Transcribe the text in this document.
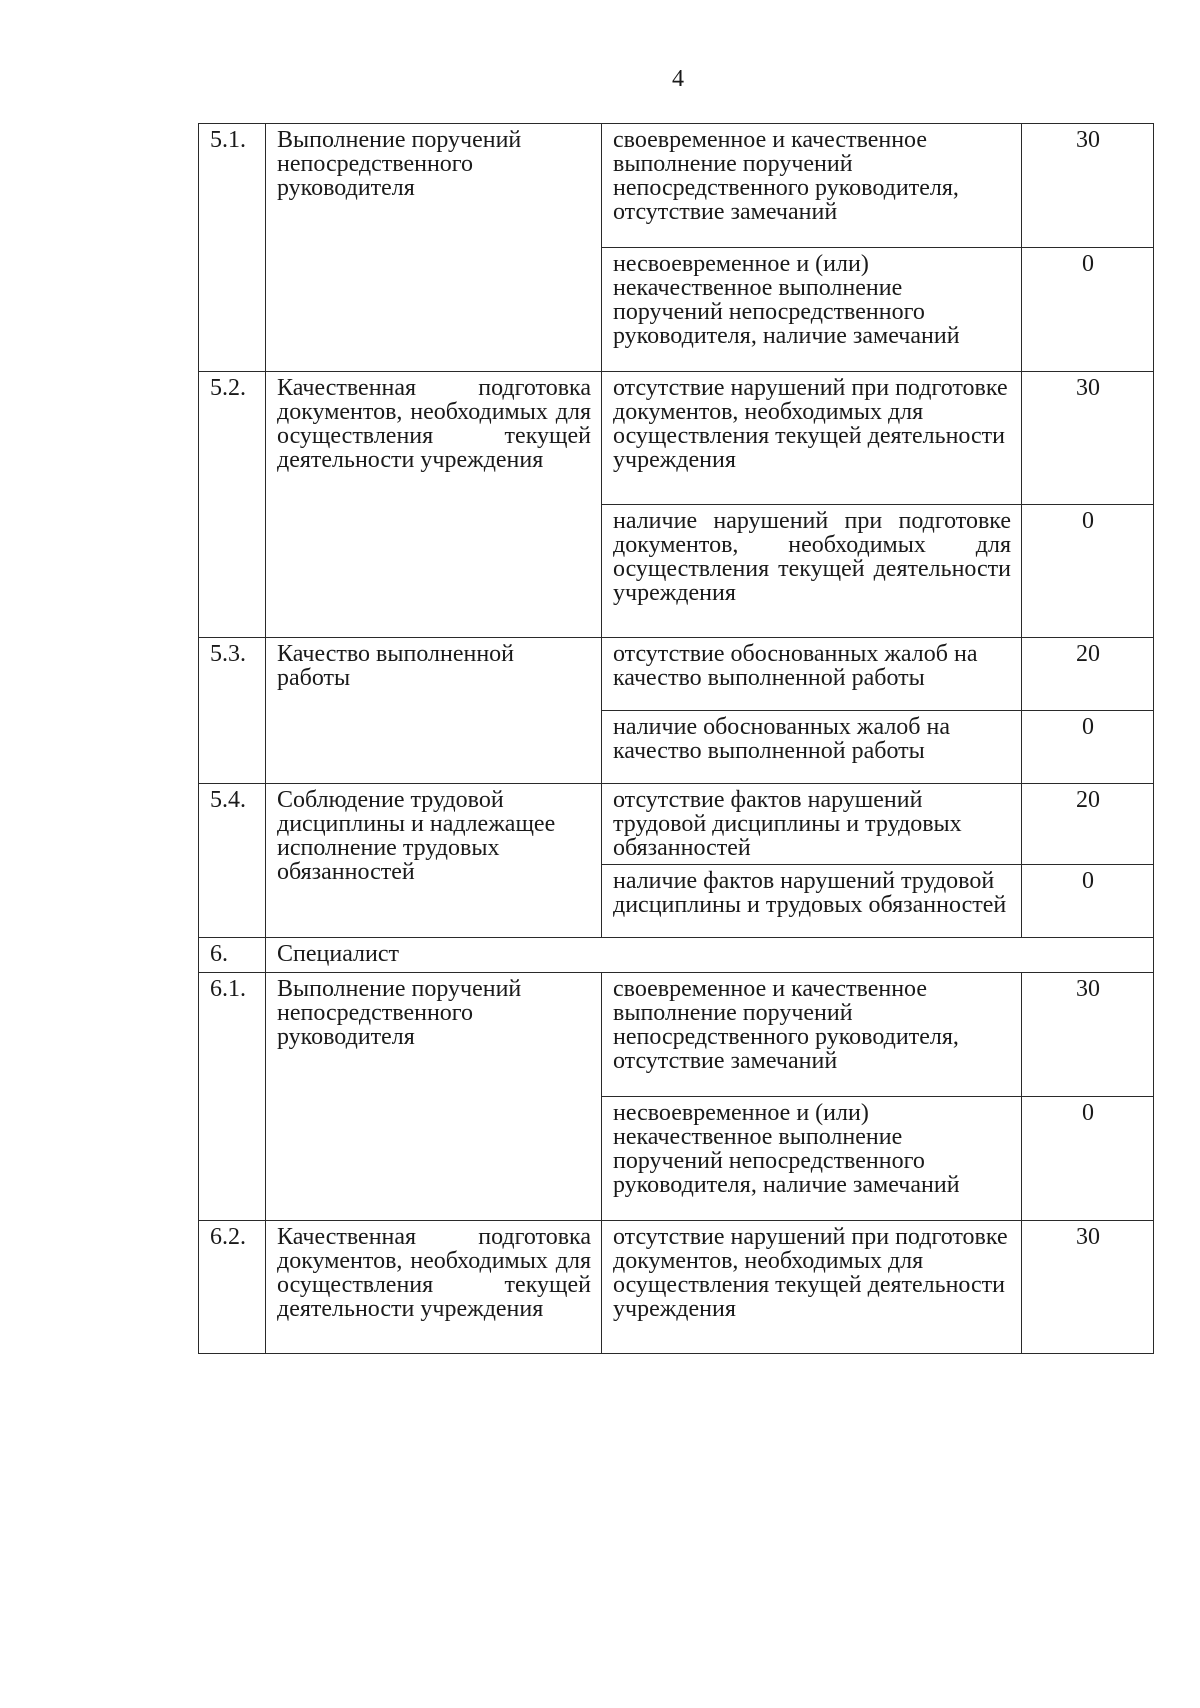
4
5.1.	Выполнение поручений непосредственного руководителя	своевременное и качественное выполнение поручений непосредственного руководителя, отсутствие замечаний	30
		несвоевременное и (или) некачественное выполнение поручений непосредственного руководителя, наличие замечаний	0
5.2.	Качественная подготовка документов, необходимых для осуществления текущей деятельности учреждения	отсутствие нарушений при подготовке документов, необходимых для осуществления текущей деятельности учреждения	30
		наличие нарушений при подготовке документов, необходимых для осуществления текущей деятельности учреждения	0
5.3.	Качество выполненной работы	отсутствие обоснованных жалоб на качество выполненной работы	20
		наличие обоснованных жалоб на качество выполненной работы	0
5.4.	Соблюдение трудовой дисциплины и надлежащее исполнение трудовых обязанностей	отсутствие фактов нарушений трудовой дисциплины и трудовых обязанностей	20
		наличие фактов нарушений трудовой дисциплины и трудовых обязанностей	0
6.	Специалист		
6.1.	Выполнение поручений непосредственного руководителя	своевременное и качественное выполнение поручений непосредственного руководителя, отсутствие замечаний	30
		несвоевременное и (или) некачественное выполнение поручений непосредственного руководителя, наличие замечаний	0
6.2.	Качественная подготовка документов, необходимых для осуществления текущей деятельности учреждения	отсутствие нарушений при подготовке документов, необходимых для осуществления текущей деятельности учреждения	30
